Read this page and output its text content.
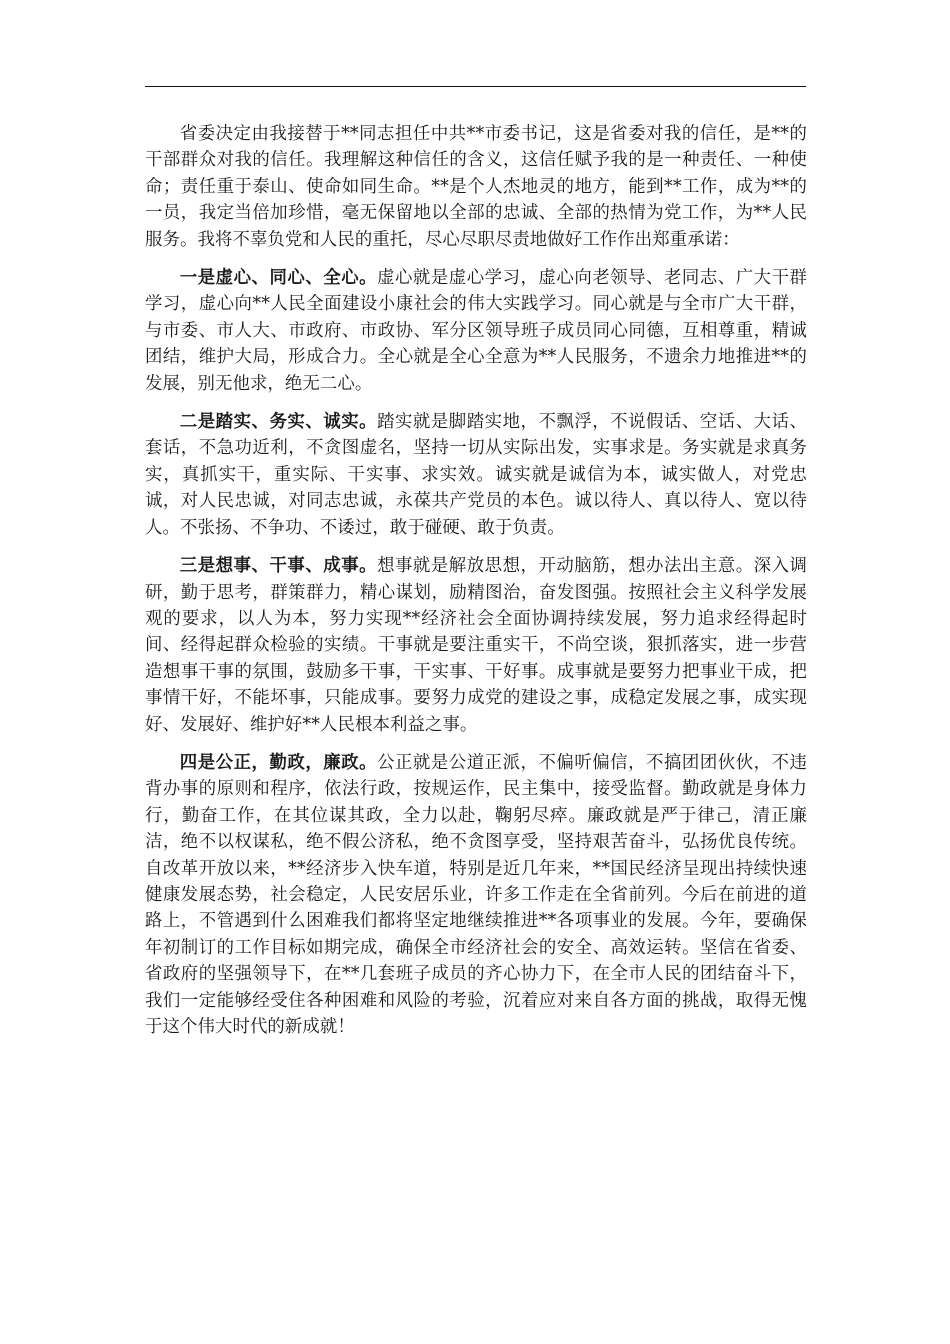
省委决定由我接替于**同志担任中共**市委书记，这是省委对我的信任，是**的干部群众对我的信任。我理解这种信任的含义，这信任赋予我的是一种责任、一种使命；责任重于泰山、使命如同生命。**是个人杰地灵的地方，能到**工作，成为**的一员，我定当倍加珍惜，毫无保留地以全部的忠诚、全部的热情为党工作，为**人民服务。我将不辜负党和人民的重托，尽心尽职尽责地做好工作作出郑重承诺：

一是虚心、同心、全心。虚心就是虚心学习，虚心向老领导、老同志、广大干群学习，虚心向**人民全面建设小康社会的伟大实践学习。同心就是与全市广大干群，与市委、市人大、市政府、市政协、军分区领导班子成员同心同德，互相尊重，精诚团结，维护大局，形成合力。全心就是全心全意为**人民服务，不遗余力地推进**的发展，别无他求，绝无二心。

二是踏实、务实、诚实。踏实就是脚踏实地，不飘浮，不说假话、空话、大话、套话，不急功近利，不贪图虚名，坚持一切从实际出发，实事求是。务实就是求真务实，真抓实干，重实际、干实事、求实效。诚实就是诚信为本，诚实做人，对党忠诚，对人民忠诚，对同志忠诚，永葆共产党员的本色。诚以待人、真以待人、宽以待人。不张扬、不争功、不诿过，敢于碰硬、敢于负责。

三是想事、干事、成事。想事就是解放思想，开动脑筋，想办法出主意。深入调研，勤于思考，群策群力，精心谋划，励精图治，奋发图强。按照社会主义科学发展观的要求，以人为本，努力实现**经济社会全面协调持续发展，努力追求经得起时间、经得起群众检验的实绩。干事就是要注重实干，不尚空谈，狠抓落实，进一步营造想事干事的氛围，鼓励多干事，干实事、干好事。成事就是要努力把事业干成，把事情干好，不能坏事，只能成事。要努力成党的建设之事，成稳定发展之事，成实现好、发展好、维护好**人民根本利益之事。

四是公正，勤政，廉政。公正就是公道正派，不偏听偏信，不搞团团伙伙，不违背办事的原则和程序，依法行政，按规运作，民主集中，接受监督。勤政就是身体力行，勤奋工作，在其位谋其政，全力以赴，鞠躬尽瘁。廉政就是严于律己，清正廉洁，绝不以权谋私，绝不假公济私，绝不贪图享受，坚持艰苦奋斗，弘扬优良传统。自改革开放以来，**经济步入快车道，特别是近几年来，**国民经济呈现出持续快速健康发展态势，社会稳定，人民安居乐业，许多工作走在全省前列。今后在前进的道路上，不管遇到什么困难我们都将坚定地继续推进**各项事业的发展。今年，要确保年初制订的工作目标如期完成，确保全市经济社会的安全、高效运转。坚信在省委、省政府的坚强领导下，在**几套班子成员的齐心协力下，在全市人民的团结奋斗下，我们一定能够经受住各种困难和风险的考验，沉着应对来自各方面的挑战，取得无愧于这个伟大时代的新成就！
